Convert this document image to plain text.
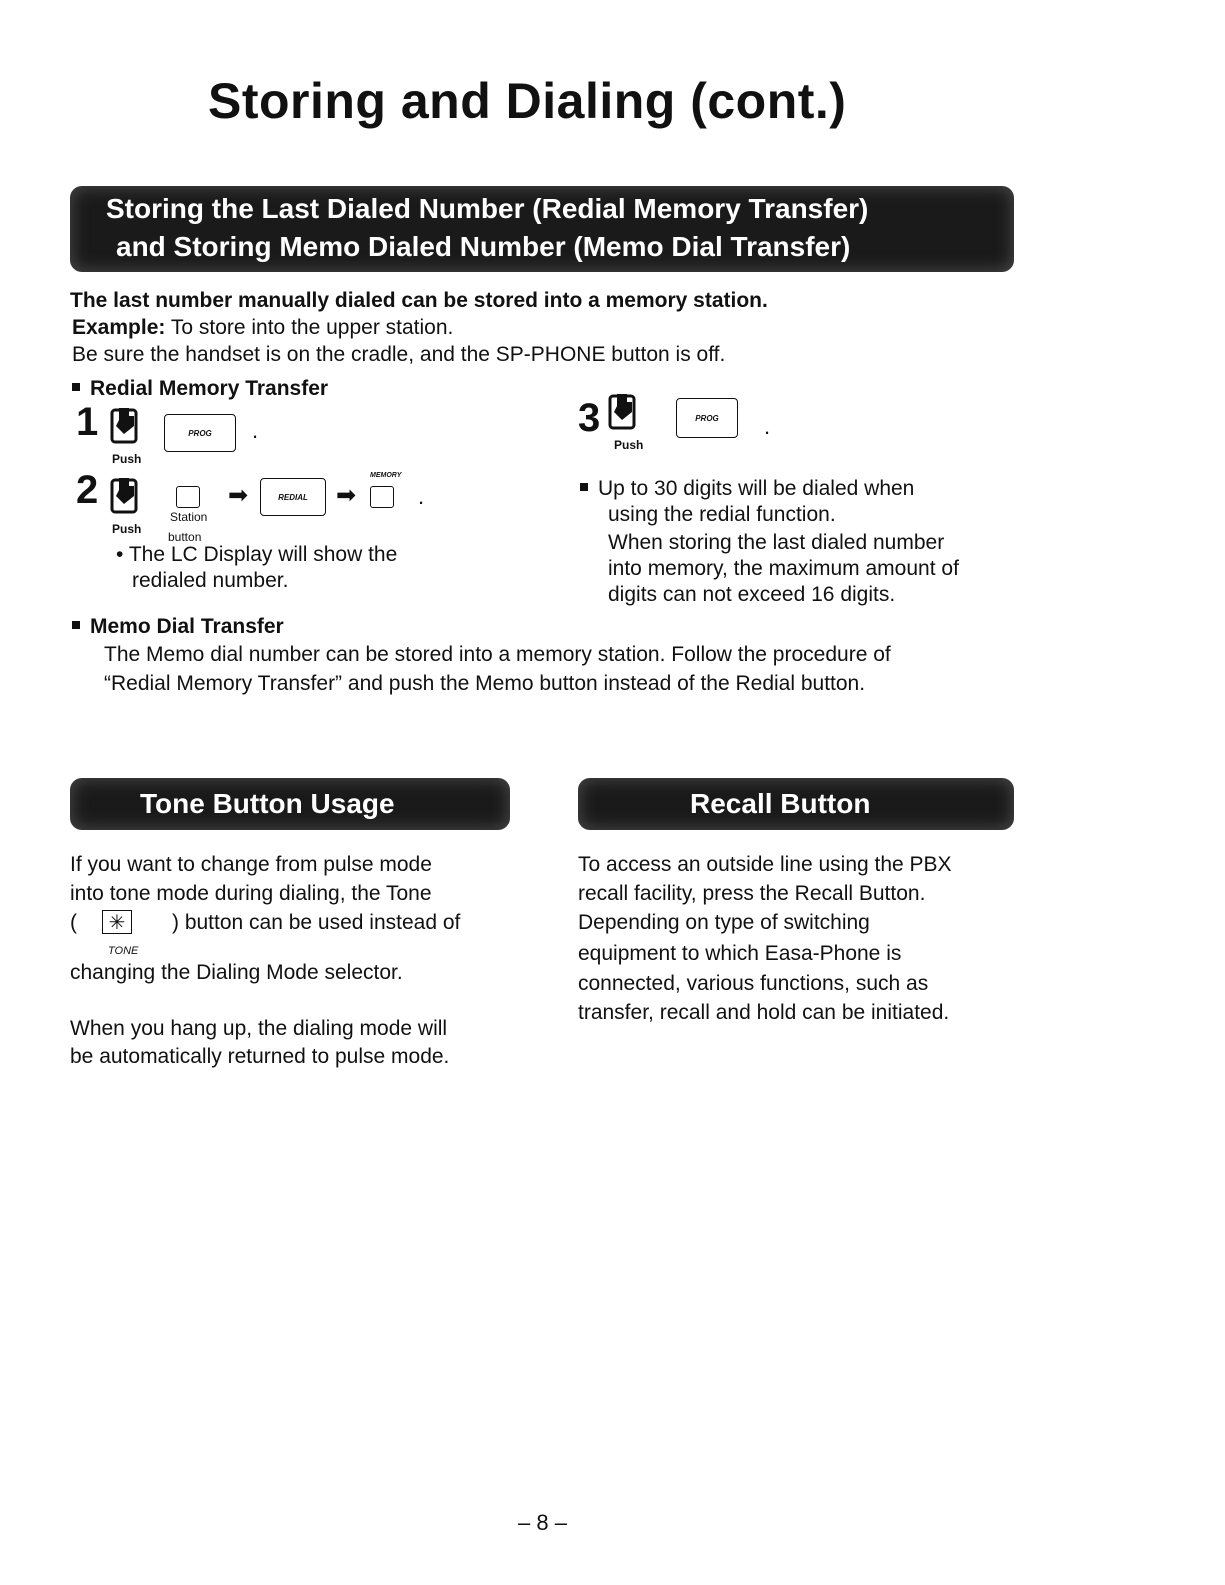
Storing and Dialing (cont.)
Storing the Last Dialed Number (Redial Memory Transfer)
and Storing Memo Dialed Number (Memo Dial Transfer)
The last number manually dialed can be stored into a memory station.
Example: To store into the upper station.
Be sure the handset is on the cradle, and the SP-PHONE button is off.
Redial Memory Transfer
1
Push
PROG	.
2
Push
Station
button
➡	REDIAL	➡
MEMORY
.
• The LC Display will show the
redialed number.
3
Push
PROG	.
Up to 30 digits will be dialed when
using the redial function.
When storing the last dialed number
into memory, the maximum amount of
digits can not exceed 16 digits.
Memo Dial Transfer
The Memo dial number can be stored into a memory station. Follow the procedure of
“Redial Memory Transfer” and push the Memo button instead of the Redial button.
Tone Button Usage
If you want to change from pulse mode
into tone mode during dialing, the Tone
(	✳	) button can be used instead of
TONE
changing the Dialing Mode selector.
When you hang up, the dialing mode will
be automatically returned to pulse mode.
Recall Button
To access an outside line using the PBX
recall facility, press the Recall Button.
Depending on type of switching
equipment to which Easa-Phone is
connected, various functions, such as
transfer, recall and hold can be initiated.
– 8 –
